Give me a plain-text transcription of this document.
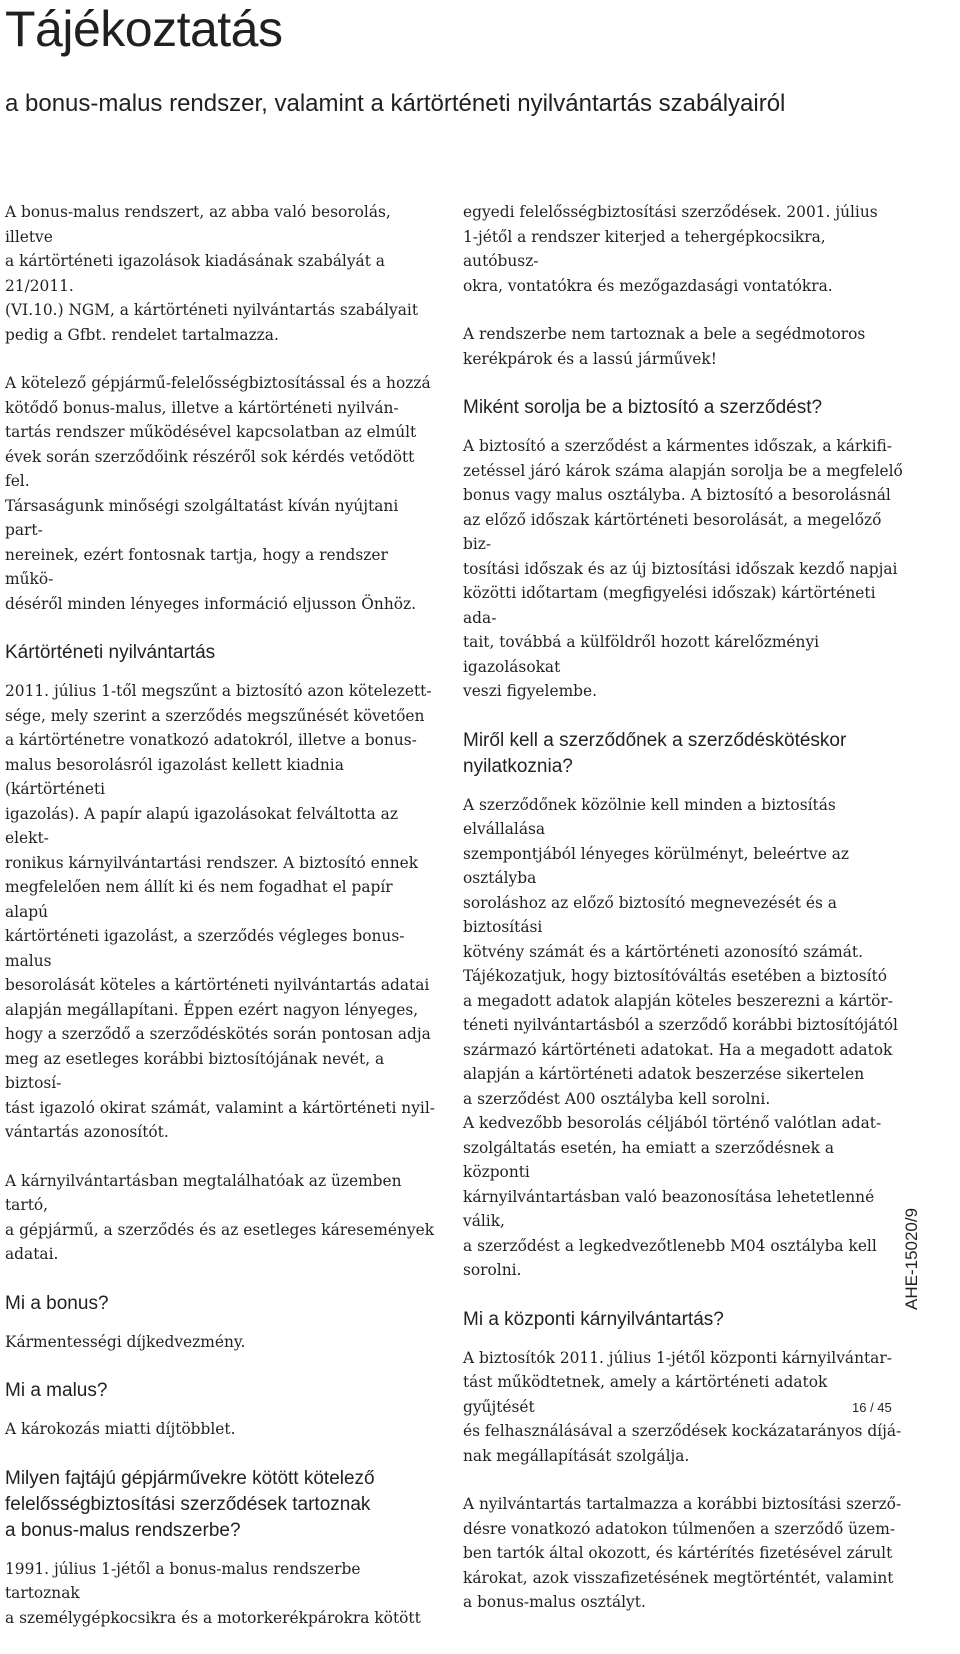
Tájékoztatás
a bonus-malus rendszer, valamint a kártörténeti nyilvántartás szabályairól

A bonus-malus rendszert, az abba való besorolás, illetve
a kártörténeti igazolások kiadásának szabályát a 21/2011.
(VI.10.) NGM, a kártörténeti nyilvántartás szabályait
pedig a Gfbt. rendelet tartalmazza.

A kötelező gépjármű-felelősségbiztosítással és a hozzá
kötődő bonus-malus, illetve a kártörténeti nyilván-
tartás rendszer működésével kapcsolatban az elmúlt
évek során szerződőink részéről sok kérdés vetődött fel.
Társaságunk minőségi szolgáltatást kíván nyújtani part-
nereinek, ezért fontosnak tartja, hogy a rendszer műkö-
déséről minden lényeges információ eljusson Önhöz.

Kártörténeti nyilvántartás

2011. július 1-től megszűnt a biztosító azon kötelezett-
sége, mely szerint a szerződés megszűnését követően
a kártörténetre vonatkozó adatokról, illetve a bonus-
malus besorolásról igazolást kellett kiadnia (kártörténeti
igazolás). A papír alapú igazolásokat felváltotta az elekt-
ronikus kárnyilvántartási rendszer. A biztosító ennek
megfelelően nem állít ki és nem fogadhat el papír alapú
kártörténeti igazolást, a szerződés végleges bonus-malus
besorolását köteles a kártörténeti nyilvántartás adatai
alapján megállapítani. Éppen ezért nagyon lényeges,
hogy a szerződő a szerződéskötés során pontosan adja
meg az esetleges korábbi biztosítójának nevét, a biztosí-
tást igazoló okirat számát, valamint a kártörténeti nyil-
vántartás azonosítót.

A kárnyilvántartásban megtalálhatóak az üzemben tartó,
a gépjármű, a szerződés és az esetleges káresemények
adatai.

Mi a bonus?

Kármentességi díjkedvezmény.

Mi a malus?

A károkozás miatti díjtöbblet.

Milyen fajtájú gépjárművekre kötött kötelező
felelősségbiztosítási szerződések tartoznak
a bonus-malus rendszerbe?

1991. július 1-jétől a bonus-malus rendszerbe tartoznak
a személygépkocsikra és a motorkerékpárokra kötött

egyedi felelősségbiztosítási szerződések. 2001. július
1-jétől a rendszer kiterjed a tehergépkocsikra, autóbusz-
okra, vontatókra és mezőgazdasági vontatókra.

A rendszerbe nem tartoznak a bele a segédmotoros
kerékpárok és a lassú járművek!

Miként sorolja be a biztosító a szerződést?

A biztosító a szerződést a kármentes időszak, a kárkifi-
zetéssel járó károk száma alapján sorolja be a megfelelő
bonus vagy malus osztályba. A biztosító a besorolásnál
az előző időszak kártörténeti besorolását, a megelőző biz-
tosítási időszak és az új biztosítási időszak kezdő napjai
közötti időtartam (megfigyelési időszak) kártörténeti ada-
tait, továbbá a külföldről hozott kárelőzményi igazolásokat
veszi figyelembe.

Miről kell a szerződőnek a szerződéskötéskor
nyilatkoznia?

A szerződőnek közölnie kell minden a biztosítás elvállalása
szempontjából lényeges körülményt, beleértve az osztályba
soroláshoz az előző biztosító megnevezését és a biztosítási
kötvény számát és a kártörténeti azonosító számát.
Tájékozatjuk, hogy biztosítóváltás esetében a biztosító
a megadott adatok alapján köteles beszerezni a kártör-
téneti nyilvántartásból a szerződő korábbi biztosítójától
származó kártörténeti adatokat. Ha a megadott adatok
alapján a kártörténeti adatok beszerzése sikertelen
a szerződést A00 osztályba kell sorolni.
A kedvezőbb besorolás céljából történő valótlan adat-
szolgáltatás esetén, ha emiatt a szerződésnek a központi
kárnyilvántartásban való beazonosítása lehetetlenné válik,
a szerződést a legkedvezőtlenebb M04 osztályba kell sorolni.

Mi a központi kárnyilvántartás?

A biztosítók 2011. július 1-jétől központi kárnyilvántar-
tást működtetnek, amely a kártörténeti adatok gyűjtését
és felhasználásával a szerződések kockázatarányos díjá-
nak megállapítását szolgálja.

A nyilvántartás tartalmazza a korábbi biztosítási szerző-
désre vonatkozó adatokon túlmenően a szerződő üzem-
ben tartók által okozott, és kártérítés fizetésével zárult
károkat, azok visszafizetésének megtörténtét, valamint
a bonus-malus osztályt.

AHE-15020/9
16 / 45
